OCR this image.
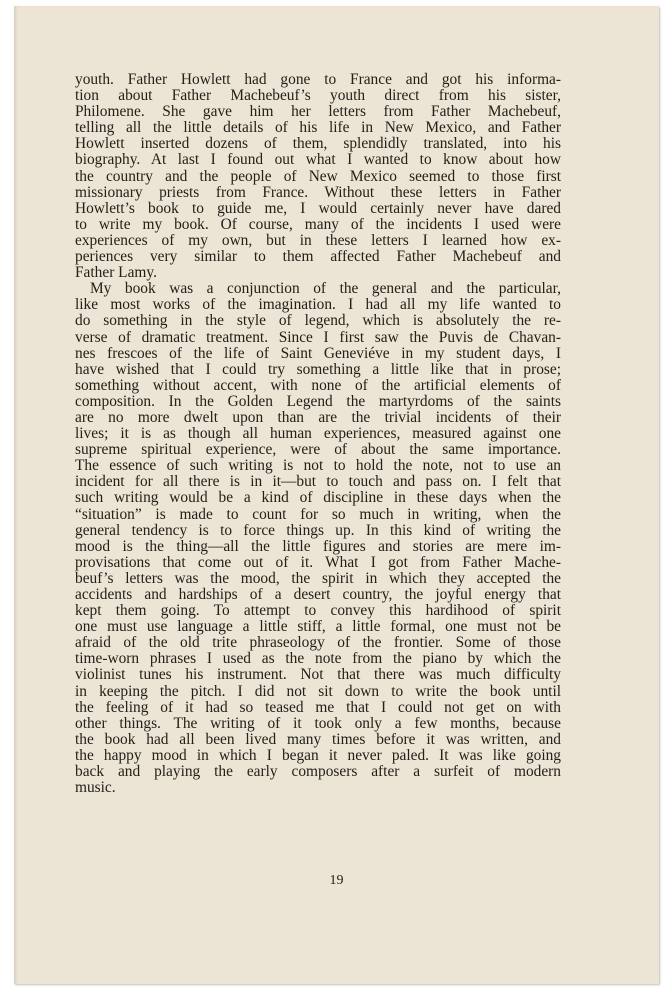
youth. Father Howlett had gone to France and got his informa-
tion about Father Machebeuf’s youth direct from his sister,
Philomene. She gave him her letters from Father Machebeuf,
telling all the little details of his life in New Mexico, and Father
Howlett inserted dozens of them, splendidly translated, into his
biography. At last I found out what I wanted to know about how
the country and the people of New Mexico seemed to those first
missionary priests from France. Without these letters in Father
Howlett’s book to guide me, I would certainly never have dared
to write my book. Of course, many of the incidents I used were
experiences of my own, but in these letters I learned how ex-
periences very similar to them affected Father Machebeuf and
Father Lamy.
My book was a conjunction of the general and the particular,
like most works of the imagination. I had all my life wanted to
do something in the style of legend, which is absolutely the re-
verse of dramatic treatment. Since I first saw the Puvis de Chavan-
nes frescoes of the life of Saint Geneviéve in my student days, I
have wished that I could try something a little like that in prose;
something without accent, with none of the artificial elements of
composition. In the Golden Legend the martyrdoms of the saints
are no more dwelt upon than are the trivial incidents of their
lives; it is as though all human experiences, measured against one
supreme spiritual experience, were of about the same importance.
The essence of such writing is not to hold the note, not to use an
incident for all there is in it—but to touch and pass on. I felt that
such writing would be a kind of discipline in these days when the
“situation” is made to count for so much in writing, when the
general tendency is to force things up. In this kind of writing the
mood is the thing—all the little figures and stories are mere im-
provisations that come out of it. What I got from Father Mache-
beuf’s letters was the mood, the spirit in which they accepted the
accidents and hardships of a desert country, the joyful energy that
kept them going. To attempt to convey this hardihood of spirit
one must use language a little stiff, a little formal, one must not be
afraid of the old trite phraseology of the frontier. Some of those
time-worn phrases I used as the note from the piano by which the
violinist tunes his instrument. Not that there was much difficulty
in keeping the pitch. I did not sit down to write the book until
the feeling of it had so teased me that I could not get on with
other things. The writing of it took only a few months, because
the book had all been lived many times before it was written, and
the happy mood in which I began it never paled. It was like going
back and playing the early composers after a surfeit of modern
music.
19
